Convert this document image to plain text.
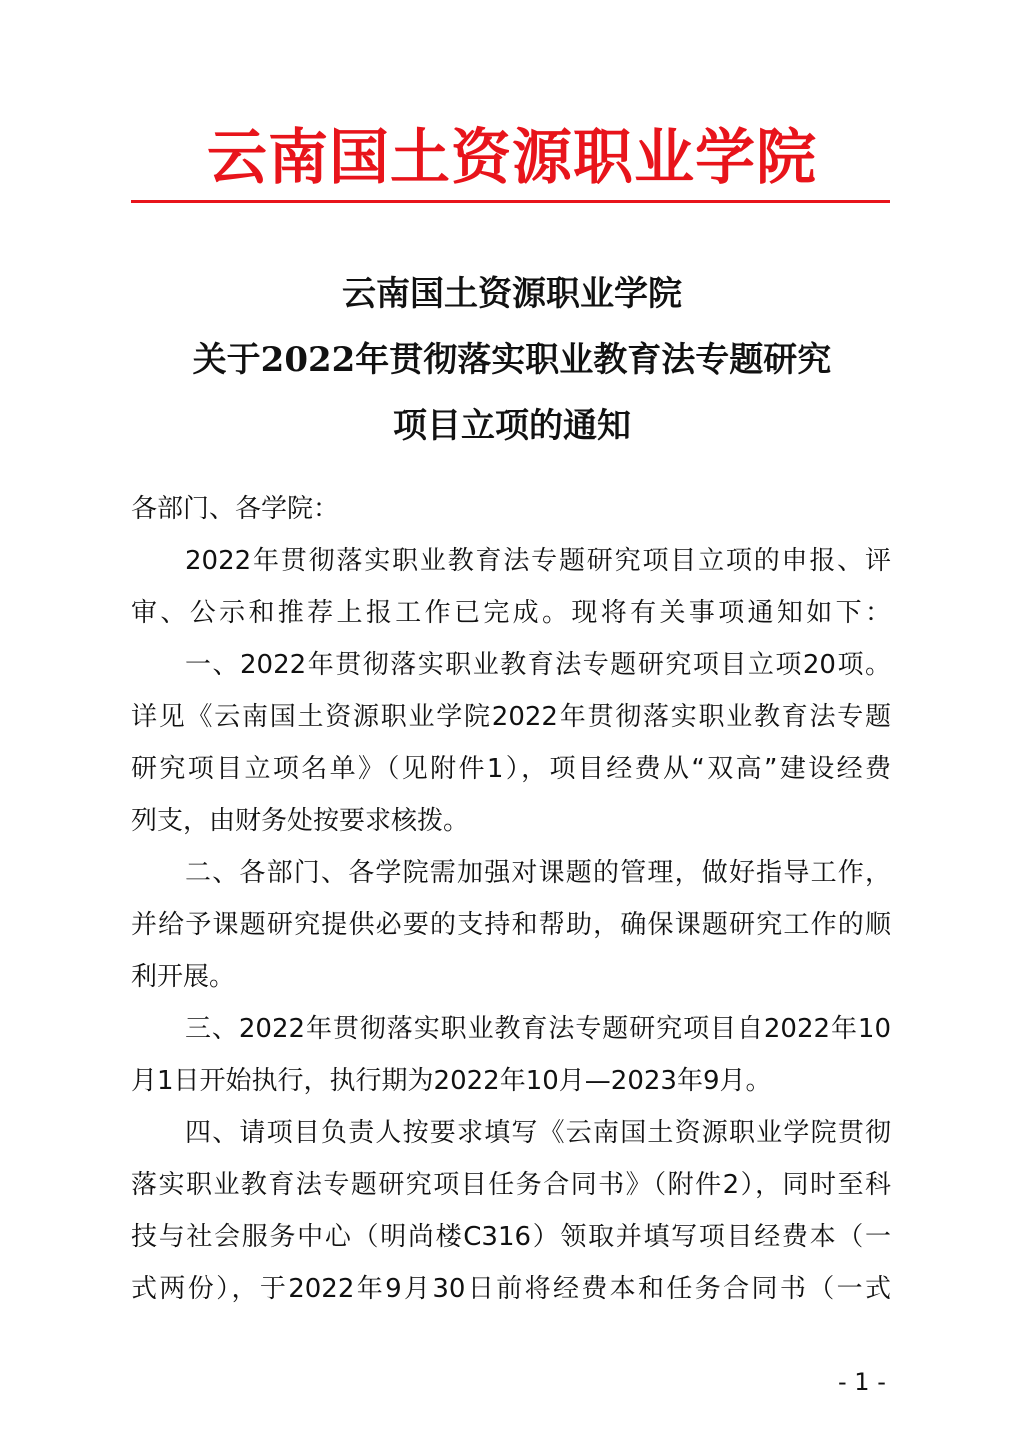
云南国土资源职业学院
云南国土资源职业学院
关于2022年贯彻落实职业教育法专题研究
项目立项的通知
各部门、各学院：
2022年贯彻落实职业教育法专题研究项目立项的申报、评
审、公示和推荐上报工作已完成。现将有关事项通知如下：
一、2022年贯彻落实职业教育法专题研究项目立项20项。
详见《云南国土资源职业学院2022年贯彻落实职业教育法专题
研究项目立项名单》（见附件1），项目经费从“双高”建设经费
列支，由财务处按要求核拨。
二、各部门、各学院需加强对课题的管理，做好指导工作，
并给予课题研究提供必要的支持和帮助，确保课题研究工作的顺
利开展。
三、2022年贯彻落实职业教育法专题研究项目自2022年10
月1日开始执行，执行期为2022年10月—2023年9月。
四、请项目负责人按要求填写《云南国土资源职业学院贯彻
落实职业教育法专题研究项目任务合同书》（附件2），同时至科
技与社会服务中心（明尚楼C316）领取并填写项目经费本（一
式两份），于2022年9月30日前将经费本和任务合同书（一式
- 1 -
